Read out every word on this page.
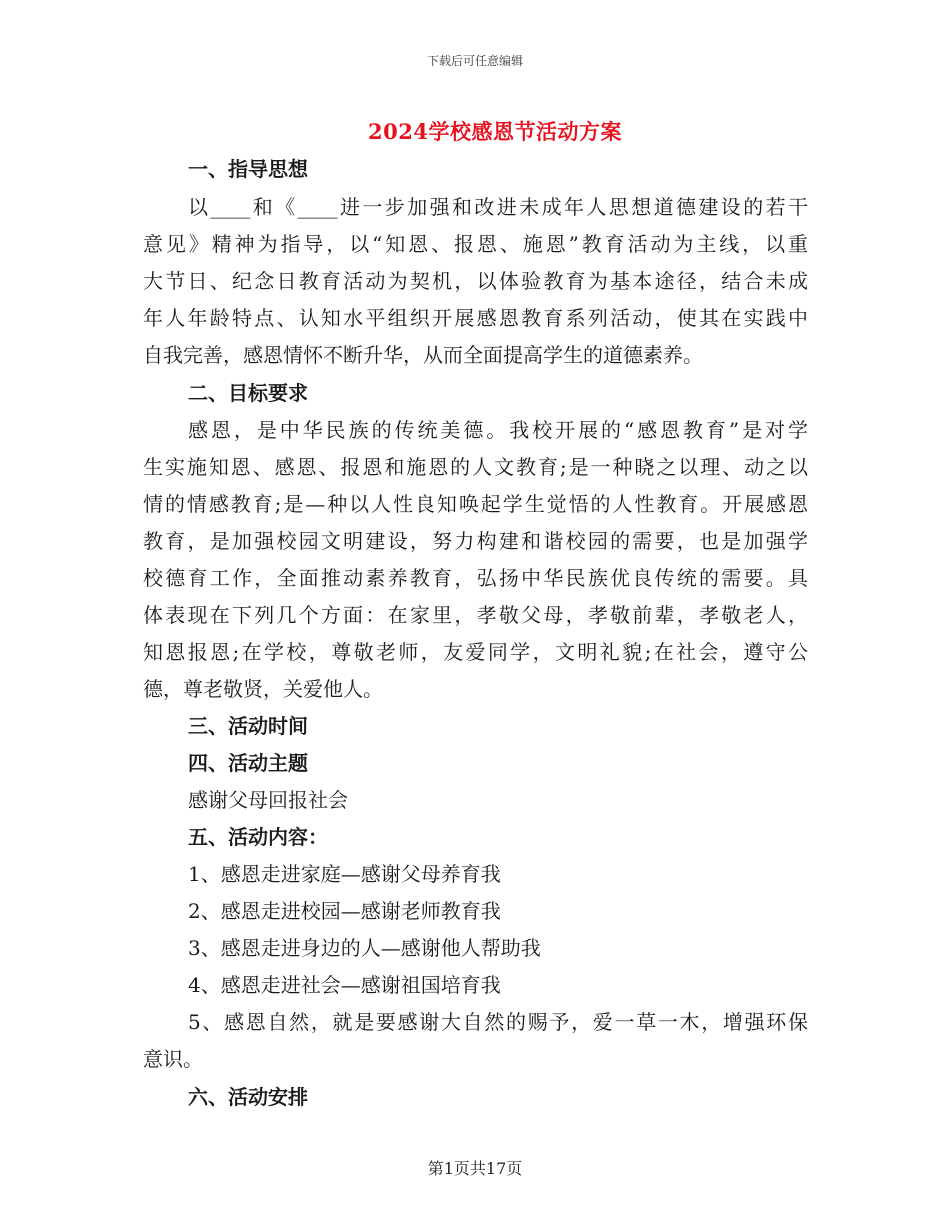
下载后可任意编辑
2024学校感恩节活动方案
一、指导思想
以____和《____进一步加强和改进未成年人思想道德建设的若干
意见》精神为指导，以“知恩、报恩、施恩”教育活动为主线，以重
大节日、纪念日教育活动为契机，以体验教育为基本途径，结合未成
年人年龄特点、认知水平组织开展感恩教育系列活动，使其在实践中
自我完善，感恩情怀不断升华，从而全面提高学生的道德素养。
二、目标要求
感恩，是中华民族的传统美德。我校开展的“感恩教育”是对学
生实施知恩、感恩、报恩和施恩的人文教育;是一种晓之以理、动之以
情的情感教育;是—种以人性良知唤起学生觉悟的人性教育。开展感恩
教育，是加强校园文明建设，努力构建和谐校园的需要，也是加强学
校德育工作，全面推动素养教育，弘扬中华民族优良传统的需要。具
体表现在下列几个方面：在家里，孝敬父母，孝敬前辈，孝敬老人，
知恩报恩;在学校，尊敬老师，友爱同学，文明礼貌;在社会，遵守公
德，尊老敬贤，关爱他人。
三、活动时间
四、活动主题
感谢父母回报社会
五、活动内容：
1、感恩走进家庭—感谢父母养育我
2、感恩走进校园—感谢老师教育我
3、感恩走进身边的人—感谢他人帮助我
4、感恩走进社会—感谢祖国培育我
5、感恩自然，就是要感谢大自然的赐予，爱一草一木，增强环保
意识。
六、活动安排
第1页共17页
